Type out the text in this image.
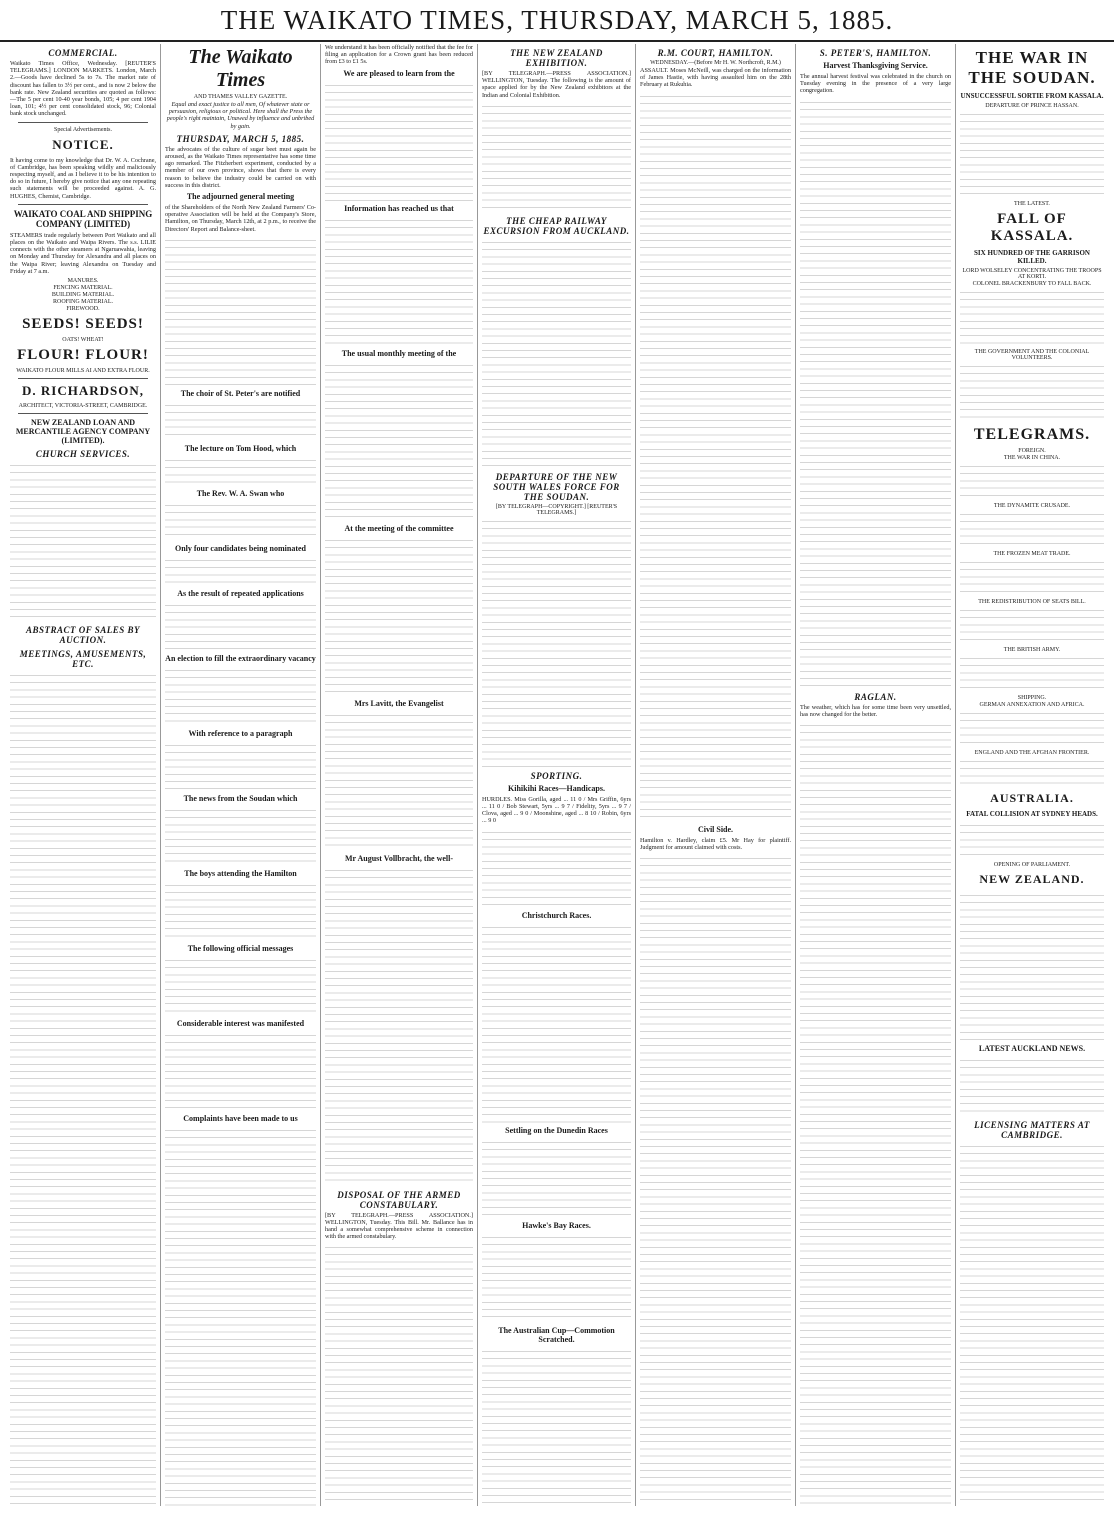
THE WAIKATO TIMES, THURSDAY, MARCH 5, 1885.
COMMERCIAL.

Waikato Times Office, Wednesday. [REUTER'S TELEGRAMS.] LONDON MARKETS. London, March 2.—Goods have declined 5s to 7s. The market rate of discount has fallen to 3½ per cent., and is now 2 below the bank rate. New Zealand securities are quoted as follows:—The 5 per cent 10-40 year bonds, 105; 4 per cent 1904 loan, 101; 4½ per cent consolidated stock, 96; Colonial bank stock unchanged.

Special Advertisements.
NOTICE.

It having come to my knowledge that Dr. W. A. Cochrane, of Cambridge, has been speaking wildly and maliciously respecting myself, and as I believe it to be his intention to do so in future, I hereby give notice that any one repeating such statements will be proceeded against. A. G. HUGHES, Chemist, Cambridge.

WAIKATO COAL AND SHIPPING COMPANY (LIMITED)

STEAMERS trade regularly between Port Waikato and all places on the Waikato and Waipa Rivers. The s.s. LILIE connects with the other steamers at Ngaruawahia, leaving on Monday and Thursday for Alexandra and all places on the Waipa River; leaving Alexandra on Tuesday and Friday at 7 a.m.

MANURES.
FENCING MATERIAL.
BUILDING MATERIAL.
ROOFING MATERIAL.
FIREWOOD.
SEEDS! SEEDS!
OATS! WHEAT!
FLOUR! FLOUR!
WAIKATO FLOUR MILLS AI AND EXTRA FLOUR.
D. RICHARDSON,
ARCHITECT, VICTORIA-STREET, CAMBRIDGE.
NEW ZEALAND LOAN AND MERCANTILE AGENCY COMPANY (LIMITED).
CHURCH SERVICES.
ABSTRACT OF SALES BY AUCTION.
MEETINGS, AMUSEMENTS, ETC.
The Waikato Times
AND THAMES VALLEY GAZETTE.

Equal and exact justice to all men, Of whatever state or persuasion, religious or political. Here shall the Press the people's right maintain, Unawed by influence and unbribed by gain.

THURSDAY, MARCH 5, 1885.

The advocates of the culture of sugar beet must again be aroused, as the Waikato Times representative has some time ago remarked. The Fitzherbert experiment, conducted by a member of our own province, shows that there is every reason to believe the industry could be carried on with success in this district.

The adjourned general meeting

of the Shareholders of the North New Zealand Farmers' Co-operative Association will be held at the Company's Store, Hamilton, on Thursday, March 12th, at 2 p.m., to receive the Directors' Report and Balance-sheet.

The choir of St. Peter's are notified
The lecture on Tom Hood, which
The Rev. W. A. Swan who
Only four candidates being nominated
As the result of repeated applications
An election to fill the extraordinary vacancy
With reference to a paragraph
The news from the Soudan which
The boys attending the Hamilton
The following official messages
Considerable interest was manifested
Complaints have been made to us

We understand it has been officially notified that the fee for filing an application for a Crown grant has been reduced from £3 to £1 5s.

We are pleased to learn from the
Information has reached us that
The usual monthly meeting of the
At the meeting of the committee
Mrs Lavitt, the Evangelist
Mr August Vollbracht, the well-
DISPOSAL OF THE ARMED CONSTABULARY.

[BY TELEGRAPH.—PRESS ASSOCIATION.] WELLINGTON, Tuesday. This Bill. Mr. Ballance has in hand a somewhat comprehensive scheme in connection with the armed constabulary.

THE NEW ZEALAND EXHIBITION.

[BY TELEGRAPH.—PRESS ASSOCIATION.] WELLINGTON, Tuesday. The following is the amount of space applied for by the New Zealand exhibitors at the Indian and Colonial Exhibition.

THE CHEAP RAILWAY EXCURSION FROM AUCKLAND.
DEPARTURE OF THE NEW SOUTH WALES FORCE FOR THE SOUDAN.
[BY TELEGRAPH—COPYRIGHT.] [REUTER'S TELEGRAMS.]
SPORTING.
Kihikihi Races—Handicaps.

HURDLES. Miss Gorilla, aged ... 11 0 / Mrs Griffin, 6yrs ... 11 0 / Bob Stewart, 5yrs ... 9 7 / Fidelity, 5yrs ... 9 7 / Clova, aged ... 9 0 / Moonshine, aged ... 8 10 / Robin, 6yrs ... 9 0

Christchurch Races.
Settling on the Dunedin Races
Hawke's Bay Races.
The Australian Cup—Commotion Scratched.
R.M. COURT, HAMILTON.
WEDNESDAY.—(Before Mr H. W. Northcroft, R.M.)

ASSAULT. Moses McNeill, was charged on the information of James Hastie, with having assaulted him on the 28th February at Rukuhia.

Civil Side.

Hamilton v. Hardley, claim £5. Mr Hay for plaintiff. Judgment for amount claimed with costs.

S. PETER'S, HAMILTON.
Harvest Thanksgiving Service.

The annual harvest festival was celebrated in the church on Tuesday evening in the presence of a very large congregation.

RAGLAN.

The weather, which has for some time been very unsettled, has now changed for the better.

THE WAR IN THE SOUDAN.
UNSUCCESSFUL SORTIE FROM KASSALA.
DEPARTURE OF PRINCE HASSAN.
THE LATEST.
FALL OF KASSALA.
SIX HUNDRED OF THE GARRISON KILLED.
LORD WOLSELEY CONCENTRATING THE TROOPS AT KORTI.
COLONEL BRACKENBURY TO FALL BACK.
THE GOVERNMENT AND THE COLONIAL VOLUNTEERS.
TELEGRAMS.
FOREIGN.
THE WAR IN CHINA.
THE DYNAMITE CRUSADE.
THE FROZEN MEAT TRADE.
THE REDISTRIBUTION OF SEATS BILL.
THE BRITISH ARMY.
SHIPPING.
GERMAN ANNEXATION AND AFRICA.
ENGLAND AND THE AFGHAN FRONTIER.
AUSTRALIA.
FATAL COLLISION AT SYDNEY HEADS.
OPENING OF PARLIAMENT.
NEW ZEALAND.
LATEST AUCKLAND NEWS.
LICENSING MATTERS AT CAMBRIDGE.
